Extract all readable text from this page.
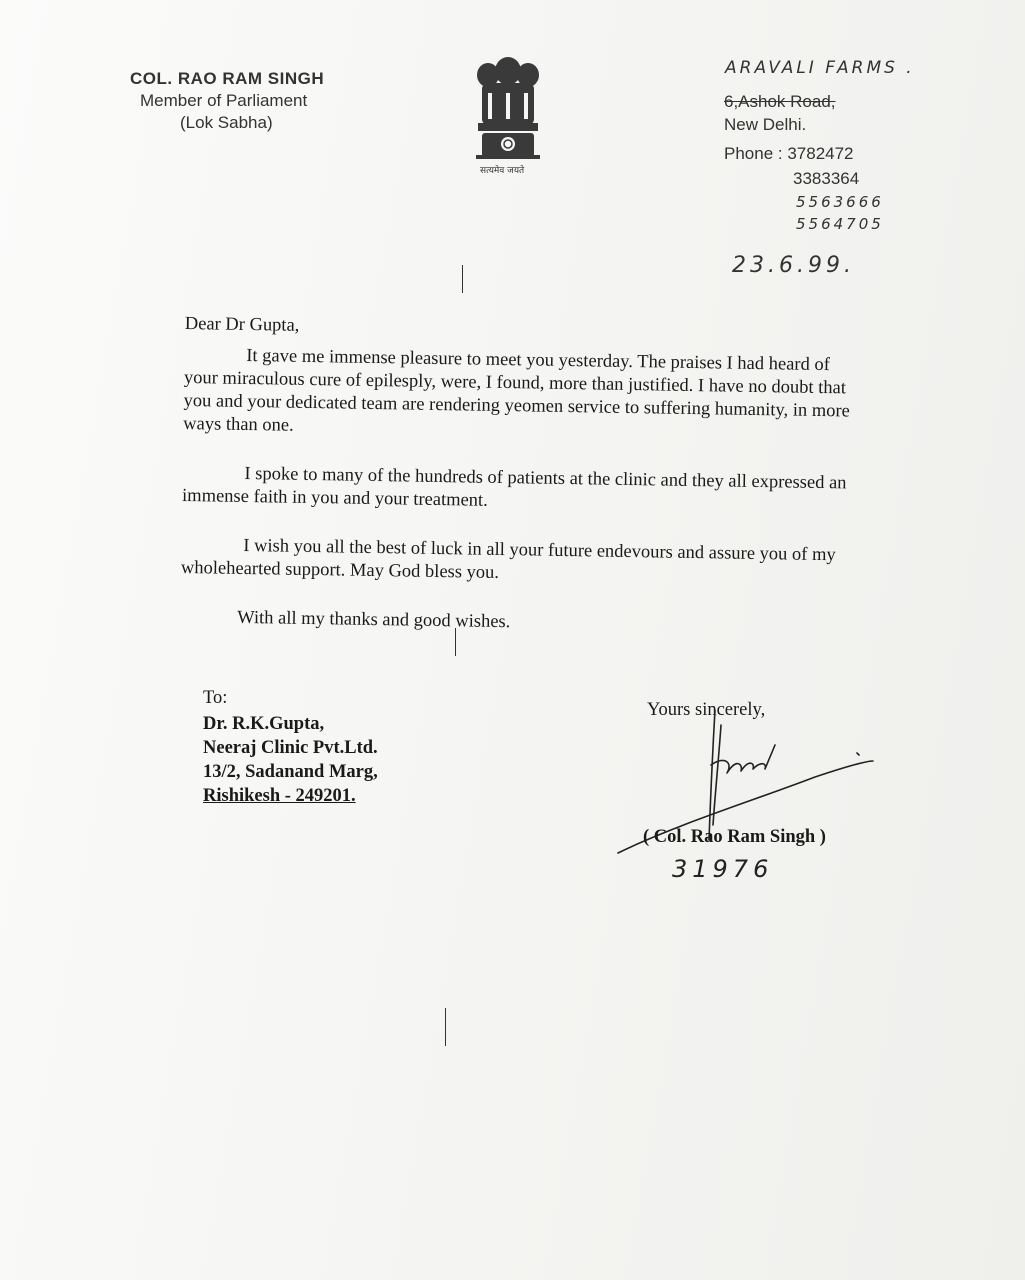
COL. RAO RAM SINGH
Member of Parliament
(Lok Sabha)
सत्यमेव जयते
ARAVALI FARMS .
6,Ashok Road,
New Delhi.
Phone : 3782472
3383364
5563666
5564705
23.6.99.

Dear Dr Gupta,

It gave me immense pleasure to meet you yesterday. The praises I had heard of your miraculous cure of epilesply, were, I found, more than justified. I have no doubt that you and your dedicated team are rendering yeomen service to suffering humanity, in more ways than one.

I spoke to many of the hundreds of patients at the clinic and they all expressed an immense faith in you and your treatment.

I wish you all the best of luck in all your future endevours and assure you of my wholehearted support. May God bless you.

With all my thanks and good wishes.

To:
Dr. R.K.Gupta,
Neeraj Clinic Pvt.Ltd.
13/2, Sadanand Marg,
Rishikesh - 249201.
Yours sincerely,
( Col. Rao Ram Singh )
31976
